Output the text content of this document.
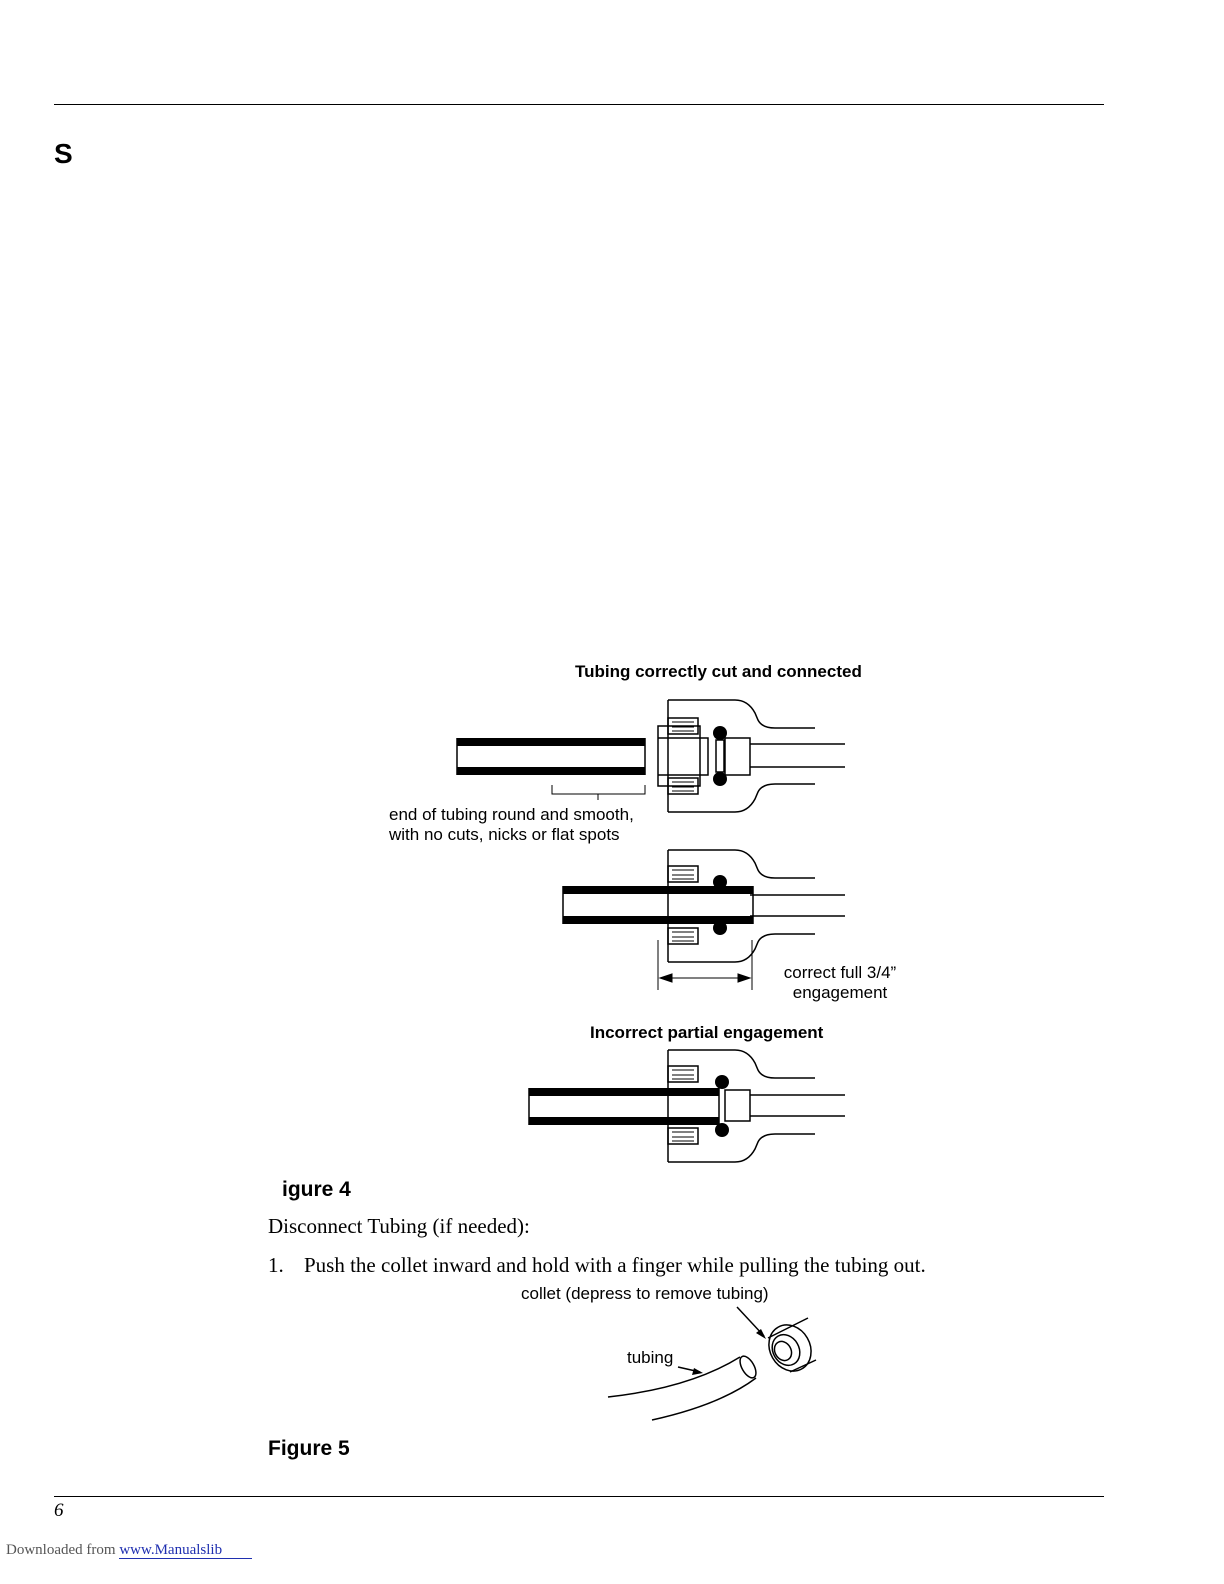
S
Tubing correctly cut and connected
end of tubing round and smooth,
with no cuts, nicks or flat spots
correct full 3/4”
engagement
Incorrect partial engagement
igure 4
Disconnect Tubing (if needed):
1. Push the collet inward and hold with a finger while pulling the tubing out.
collet (depress to remove tubing)
tubing
Figure 5
6
Downloaded from www.Manualslib
